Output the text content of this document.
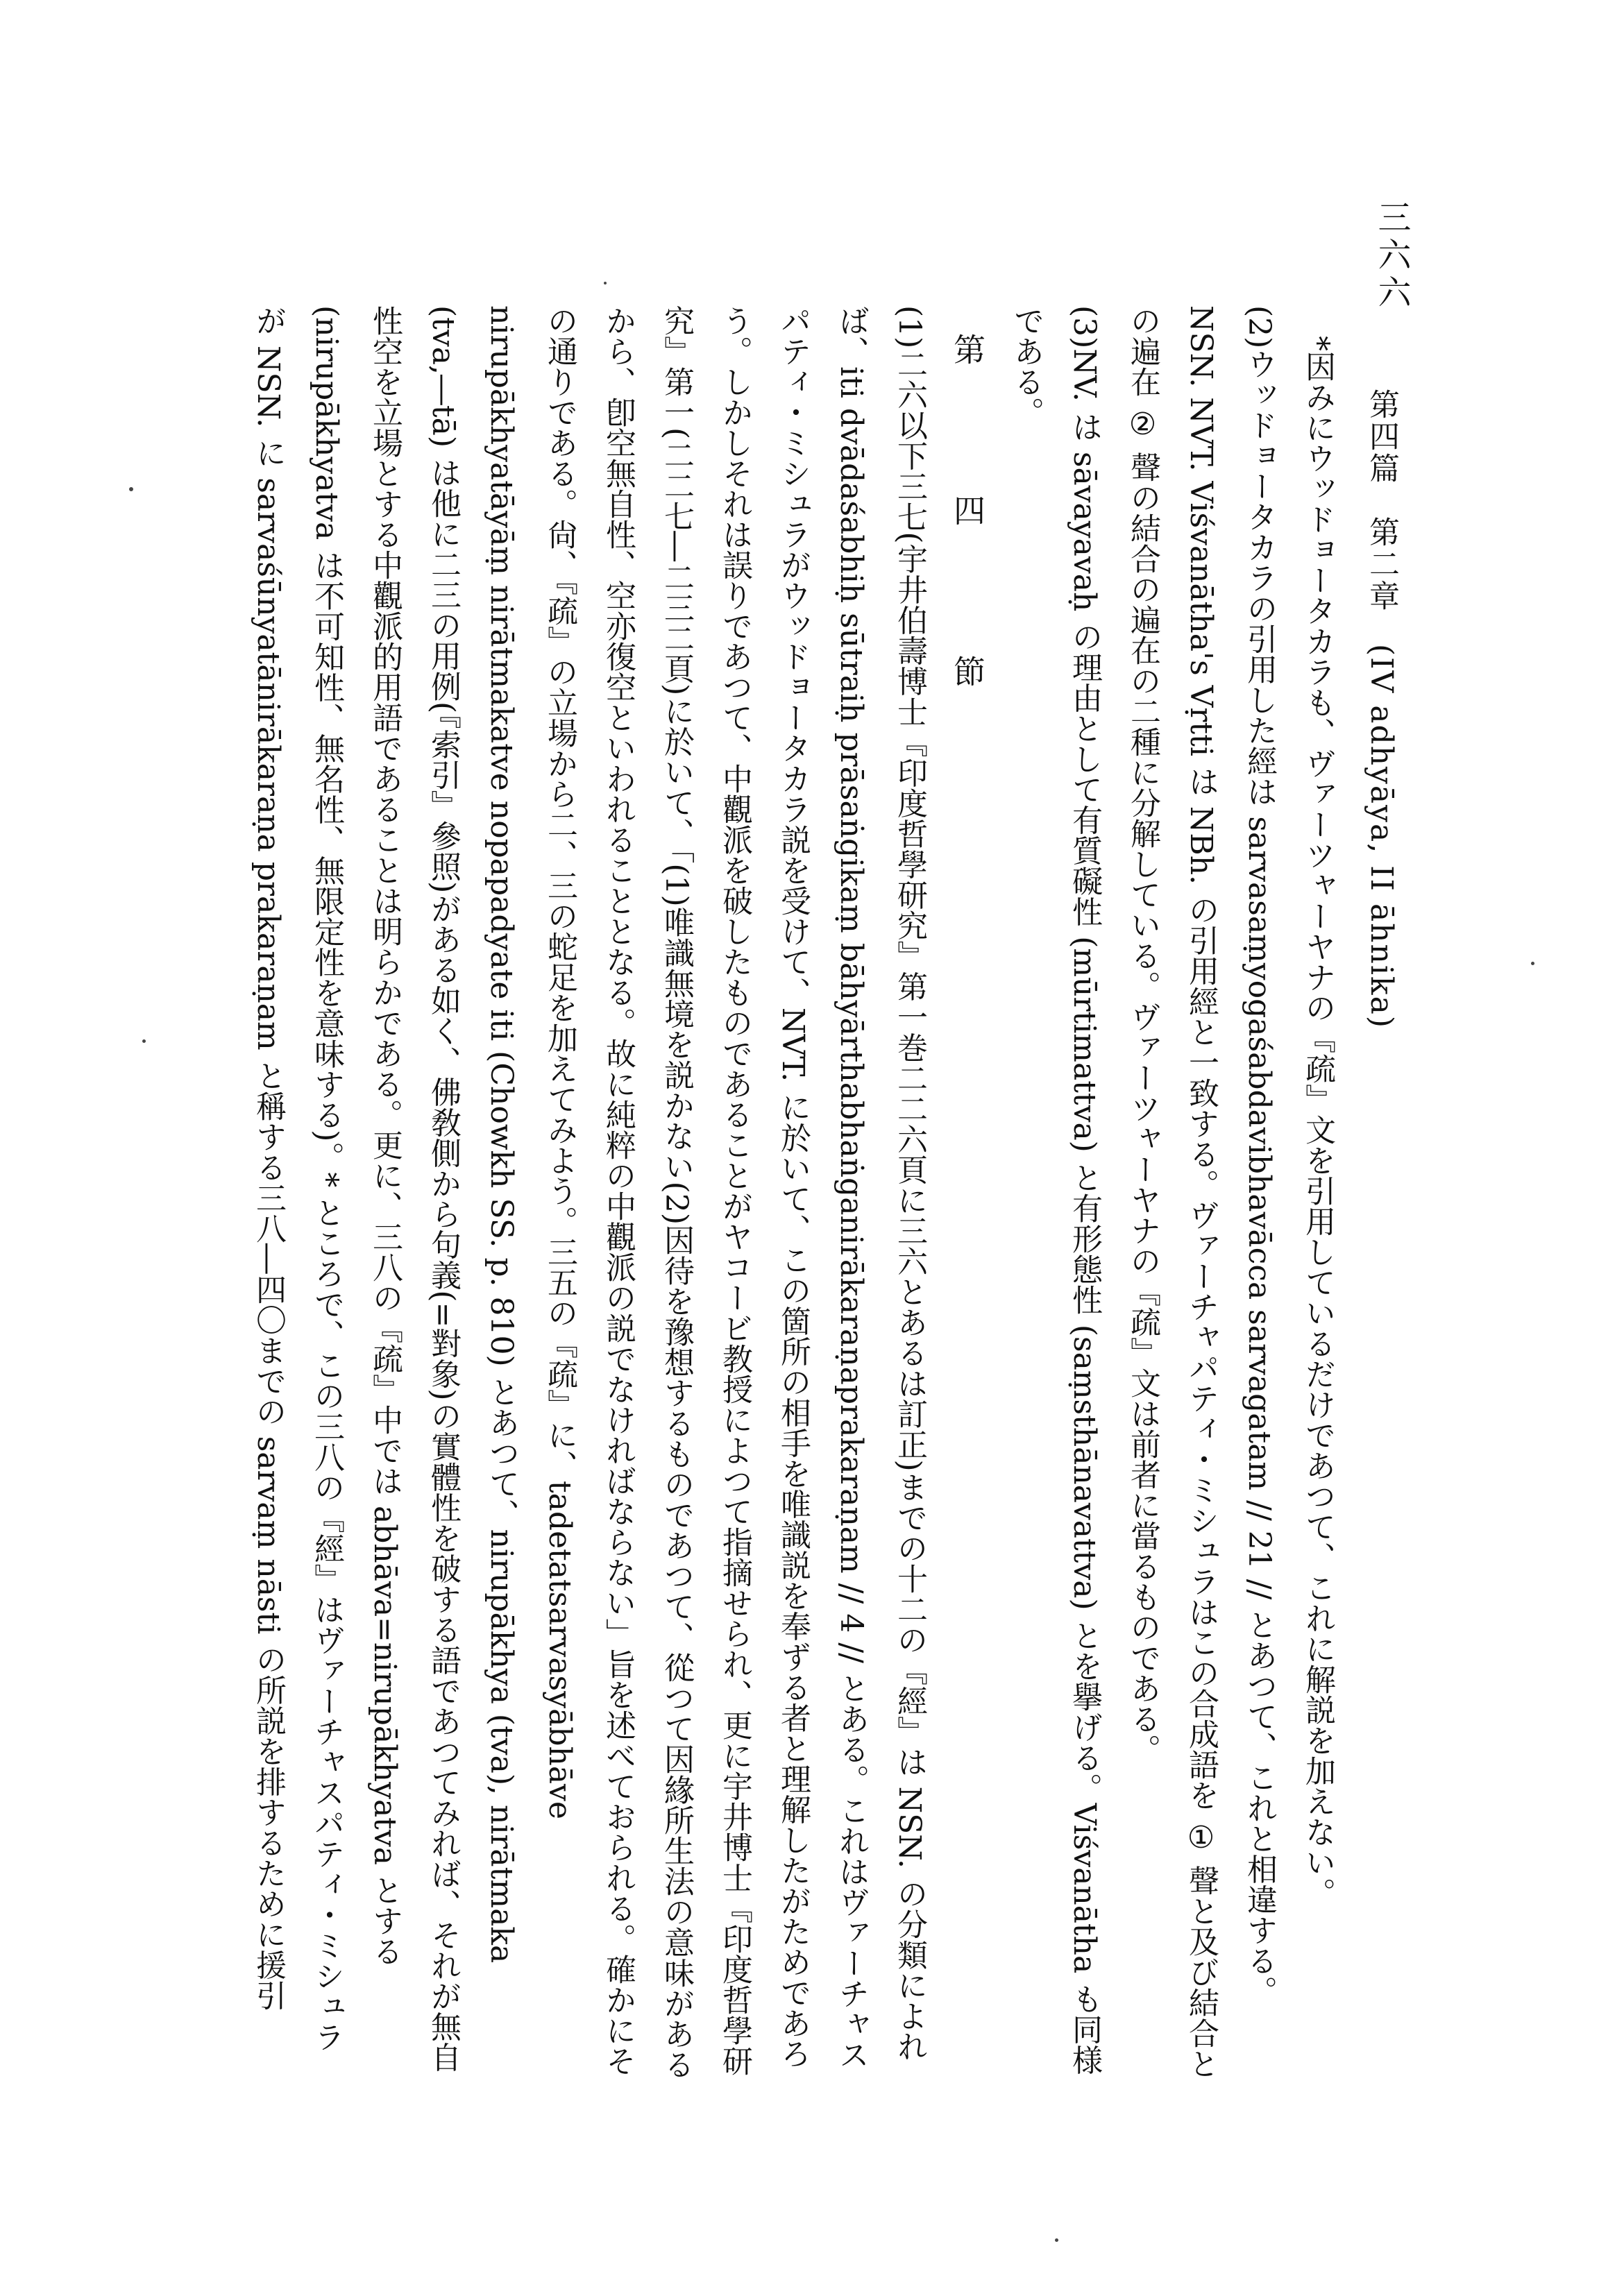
三六六
第四篇　第二章　(IV adhyāya, II āhnika)

*因みにウッドョータカラも、ヴァーツャーヤナの『疏』文を引用しているだけであつて、これに解説を加えない。

(2)ウッドョータカラの引用した經は sarvasaṃyogaśabdavibhavācca sarvagatam // 21 // とあつて、これと相違する。NSN. NVT. Viśvanātha's Vṛtti は NBh. の引用經と一致する。ヴァーチャパティ・ミシュラはこの合成語を ① 聲と及び結合との遍在 ② 聲の結合の遍在の二種に分解している。ヴァーツャーヤナの『疏』文は前者に當るものである。

(3)NV. は sāvayavaḥ の理由として有質礙性 (mūrtimattva) と有形態性 (saṃsthānavattva) とを擧げる。Viśvanātha も同様である。

第　四　節

(1)二六以下三七(宇井伯壽博士『印度哲學研究』第一巻二二六頁に三六とあるは訂正)までの十二の『經』は NSN. の分類によれば、iti dvādaśabhiḥ sūtraiḥ prāsaṅgikaṃ bāhyārthabhaṅganirākaraṇaprakaraṇam // 4 // とある。これはヴァーチャスパティ・ミシュラがウッドョータカラ説を受けて、NVT. に於いて、この箇所の相手を唯識説を奉ずる者と理解したがためであろう。しかしそれは誤りであつて、中觀派を破したものであることがヤコービ教授によつて指摘せられ、更に宇井博士『印度哲學研究』第一(二二七―二三二頁)に於いて、「(1)唯識無境を説かない(2)因待を豫想するものであつて、從つて因緣所生法の意味があるから、卽空無自性、空亦復空といわれることとなる。故に純粹の中觀派の説でなければならない」旨を述べておられる。確かにその通りである。尙、『疏』の立場から二、三の蛇足を加えてみよう。三五の『疏』に、tadetatsarvasyābhāve nirupākhyatāyāṃ nirātmakatve nopapadyate iti (Chowkh SS. p. 810) とあつて、nirupākhya (tva), nirātmaka (tva,―tā) は他に二三の用例(『索引』參照)がある如く、佛敎側から句義(=對象)の實體性を破する語であつてみれば、それが無自性空を立場とする中觀派的用語であることは明らかである。更に、三八の『疏』中では abhāva=nirupākhyatva とする (nirupākhyatva は不可知性、無名性、無限定性を意味する)。* ところで、この三八の『經』はヴァーチャスパティ・ミシュラが NSN. に sarvaśūnyatānirākaraṇa prakaraṇam と稱する三八―四〇までの sarvaṃ nāsti の所説を排するために援引
